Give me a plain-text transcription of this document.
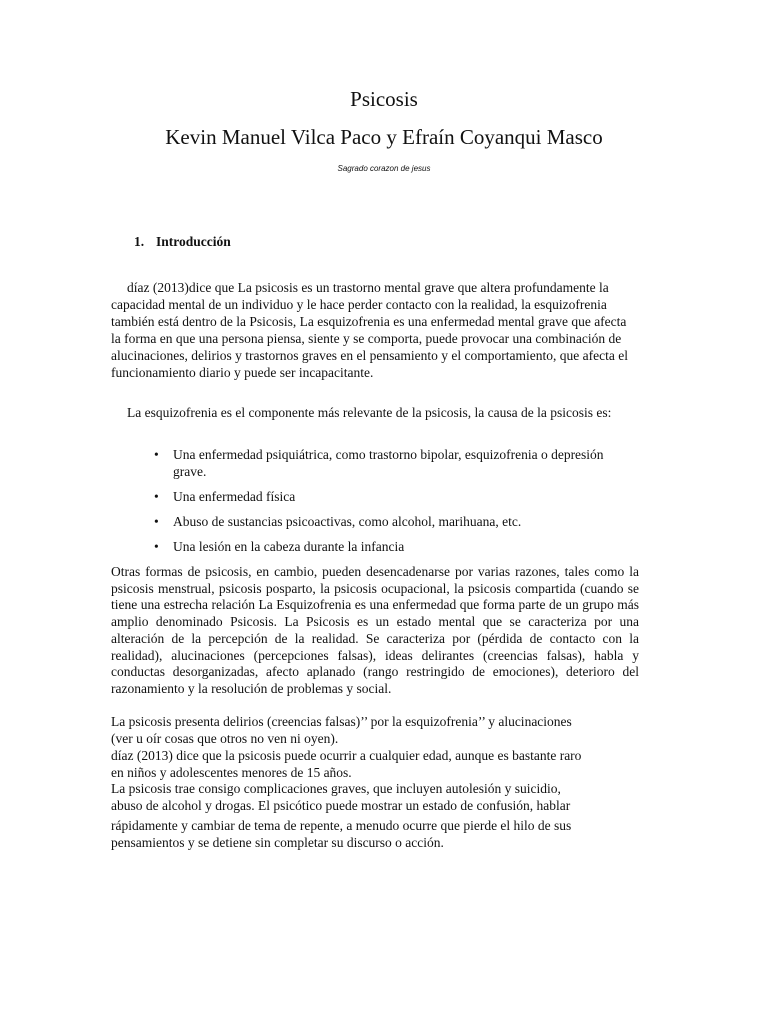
Psicosis
Kevin Manuel Vilca Paco y Efraín Coyanqui Masco
Sagrado corazon de jesus
1. Introducción

díaz (2013)dice que La psicosis es un trastorno mental grave que altera profundamente la capacidad mental de un individuo y le hace perder contacto con la realidad, la esquizofrenia también está dentro de la Psicosis, La esquizofrenia es una enfermedad mental grave que afecta la forma en que una persona piensa, siente y se comporta, puede provocar una combinación de alucinaciones, delirios y trastornos graves en el pensamiento y el comportamiento, que afecta el funcionamiento diario y puede ser incapacitante.

La esquizofrenia es el componente más relevante de la psicosis, la causa de la psicosis es:

• Una enfermedad psiquiátrica, como trastorno bipolar, esquizofrenia o depresión grave.
• Una enfermedad física
• Abuso de sustancias psicoactivas, como alcohol, marihuana, etc.
• Una lesión en la cabeza durante la infancia

Otras formas de psicosis, en cambio, pueden desencadenarse por varias razones, tales como la psicosis menstrual, psicosis posparto, la psicosis ocupacional, la psicosis compartida (cuando se tiene una estrecha relación La Esquizofrenia es una enfermedad que forma parte de un grupo más amplio denominado Psicosis. La Psicosis es un estado mental que se caracteriza por una alteración de la percepción de la realidad. Se caracteriza por (pérdida de contacto con la realidad), alucinaciones (percepciones falsas), ideas delirantes (creencias falsas), habla y conductas desorganizadas, afecto aplanado (rango restringido de emociones), deterioro del razonamiento y la resolución de problemas y social.

La psicosis presenta delirios (creencias falsas)’’ por la esquizofrenia’’ y alucinaciones
(ver u oír cosas que otros no ven ni oyen).
díaz (2013) dice que la psicosis puede ocurrir a cualquier edad, aunque es bastante raro
en niños y adolescentes menores de 15 años.
La psicosis trae consigo complicaciones graves, que incluyen autolesión y suicidio,
abuso de alcohol y drogas. El psicótico puede mostrar un estado de confusión, hablar
rápidamente y cambiar de tema de repente, a menudo ocurre que pierde el hilo de sus
pensamientos y se detiene sin completar su discurso o acción.
